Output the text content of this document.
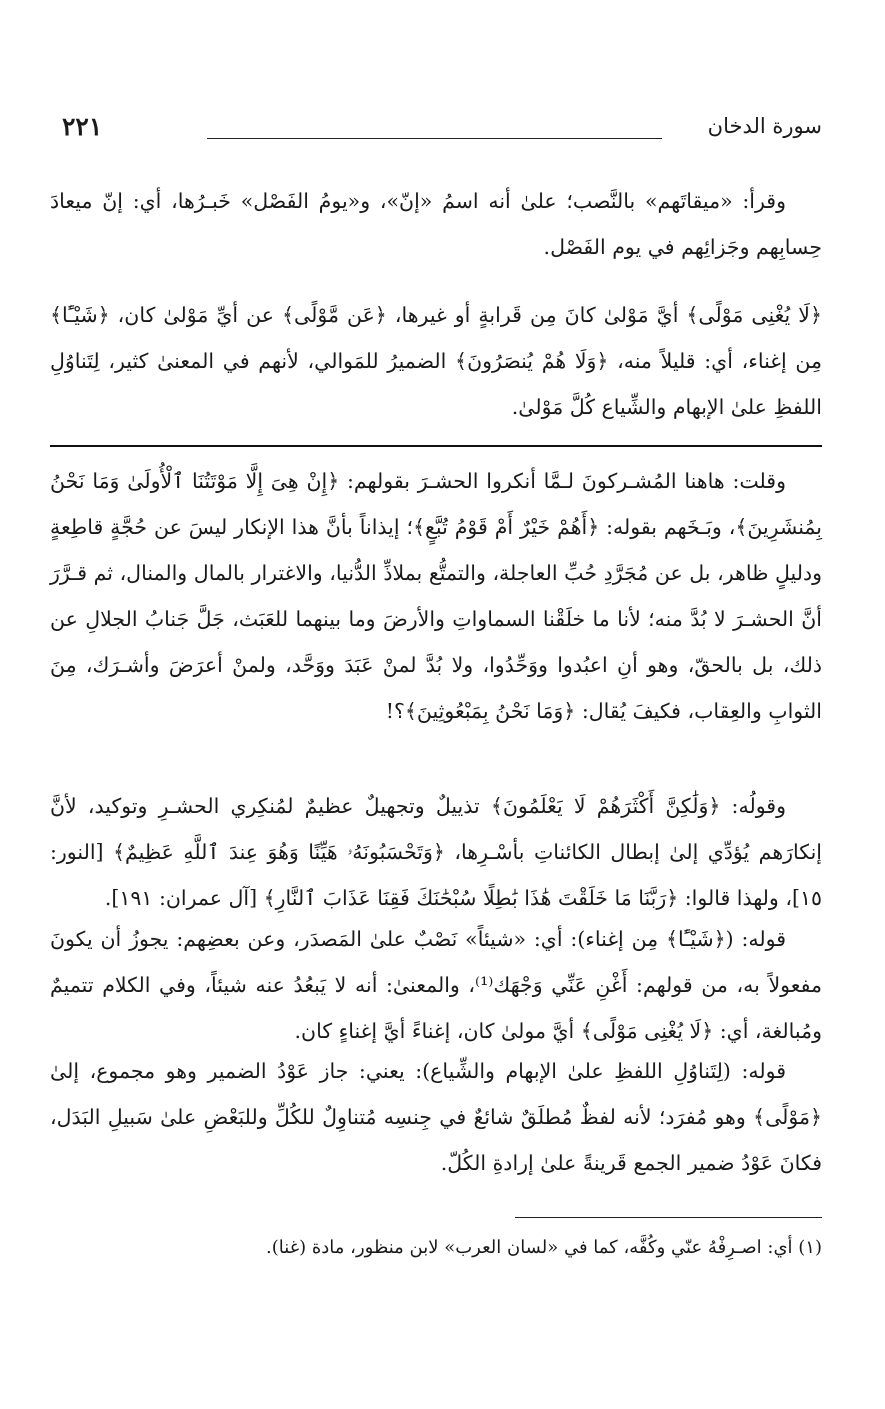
سورة الدخان
٢٢١

وقرأ: «ميقاتَهم» بالنَّصب؛ علىٰ أنه اسمُ «إنّ»، و«يومُ الفَصْل» خَبـرُها، أي: إنّ ميعادَ حِسابِهم وجَزائِهم في يوم الفَصْل.

﴿لَا يُغْنِى مَوْلًى﴾ أيَّ مَوْلىٰ كانَ مِن قَرابةٍ أو غيرها، ﴿عَن مَّوْلًى﴾ عن أيِّ مَوْلىٰ كان، ﴿شَيْـًٔا﴾ مِن إغناء، أي: قليلاً منه، ﴿وَلَا هُمْ يُنصَرُونَ﴾ الضميرُ للمَوالي، لأنهم في المعنىٰ كثير، لِتَناوُلِ اللفظِ علىٰ الإبهام والشِّياع كُلَّ مَوْلىٰ.

وقلت: هاهنا المُشـركونَ لـمَّا أنكروا الحشـرَ بقولهم: ﴿إِنْ هِىَ إِلَّا مَوْتَتُنَا ٱلْأُولَىٰ وَمَا نَحْنُ بِمُنشَرِينَ﴾، وبَـخَهم بقوله: ﴿أَهُمْ خَيْرٌ أَمْ قَوْمُ تُبَّعٍ﴾؛ إيذاناً بأنَّ هذا الإنكار ليسَ عن حُجَّةٍ قاطِعةٍ ودليلٍ ظاهر، بل عن مُجَرَّدِ حُبِّ العاجلة، والتمتُّع بملاذِّ الدُّنيا، والاغترار بالمال والمنال، ثم قـرَّرَ أنَّ الحشـرَ لا بُدَّ منه؛ لأنا ما خلَقْنا السماواتِ والأرضَ وما بينهما للعَبَث، جَلَّ جَنابُ الجلالِ عن ذلك، بل بالحقّ، وهو أنِ اعبُدوا ووَحِّدُوا، ولا بُدَّ لمنْ عَبَدَ ووَحَّد، ولمنْ أعرَضَ وأشـرَك، مِنَ الثوابِ والعِقاب، فكيفَ يُقال: ﴿وَمَا نَحْنُ بِمَبْعُوثِينَ﴾؟!

وقولُه: ﴿وَلَٰكِنَّ أَكْثَرَهُمْ لَا يَعْلَمُونَ﴾ تذييلٌ وتجهيلٌ عظيمٌ لمُنكِري الحشـرِ وتوكيد، لأنَّ إنكارَهم يُؤدِّي إلىٰ إبطال الكائناتِ بأسْـرِها، ﴿وَتَحْسَبُونَهُۥ هَيِّنًا وَهُوَ عِندَ ٱللَّهِ عَظِيمٌ﴾ [النور: ١٥]، ولهذا قالوا: ﴿رَبَّنَا مَا خَلَقْتَ هَٰذَا بَٰطِلًا سُبْحَٰنَكَ فَقِنَا عَذَابَ ٱلنَّارِ﴾ [آل عمران: ١٩١].

قوله: (﴿شَيْـًٔا﴾ مِن إغناء): أي: «شيئاً» نَصْبٌ علىٰ المَصدَر، وعن بعضِهم: يجوزُ أن يكونَ مفعولاً به، من قولهم: أَغْنِ عَنِّي وَجْهَك⁽¹⁾، والمعنىٰ: أنه لا يَبعُدُ عنه شيئاً، وفي الكلام تتميمٌ ومُبالغة، أي: ﴿لَا يُغْنِى مَوْلًى﴾ أيَّ مولىٰ كان، إغناءً أيَّ إغناءٍ كان.

قوله: (لِتَناوُلِ اللفظِ علىٰ الإبهام والشِّياع): يعني: جاز عَوْدُ الضمير وهو مجموع، إلىٰ ﴿مَوْلًى﴾ وهو مُفرَد؛ لأنه لفظٌ مُطلَقٌ شائعٌ في جِنسِه مُتناوِلٌ للكُلِّ وللبَعْضِ علىٰ سَبيلِ البَدَل، فكانَ عَوْدُ ضمير الجمع قَرينةً علىٰ إرادةِ الكُلّ.

(١) أي: اصـرِفْهُ عنّي وكُفَّه، كما في «لسان العرب» لابن منظور، مادة (غنا).
